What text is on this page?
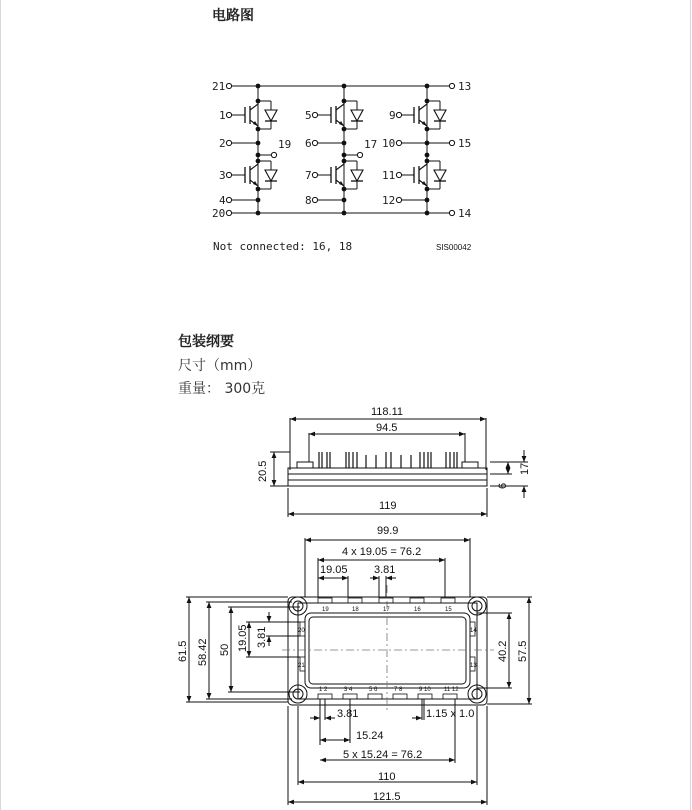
电路图
21
1
2
3
4
20
5
6
7
8
9
10
11
12
13
19	17	15
14
Not connected: 16, 18	SIS00042
包装纲要
尺寸（mm）
重量： 300克
118.11
94.5
119
20.5	17
6
19	18	17	16	15
1 2	3 4	5 6	7 8	9 10 11 12
20
21
14
13
99.9
4 x 19.05 = 76.2
19.05 3.81
61.5 58.42 50 19.05 3.81
40.2 57.5
3.81	1.15 x 1.0
15.24
5 x 15.24 = 76.2
110
121.5
